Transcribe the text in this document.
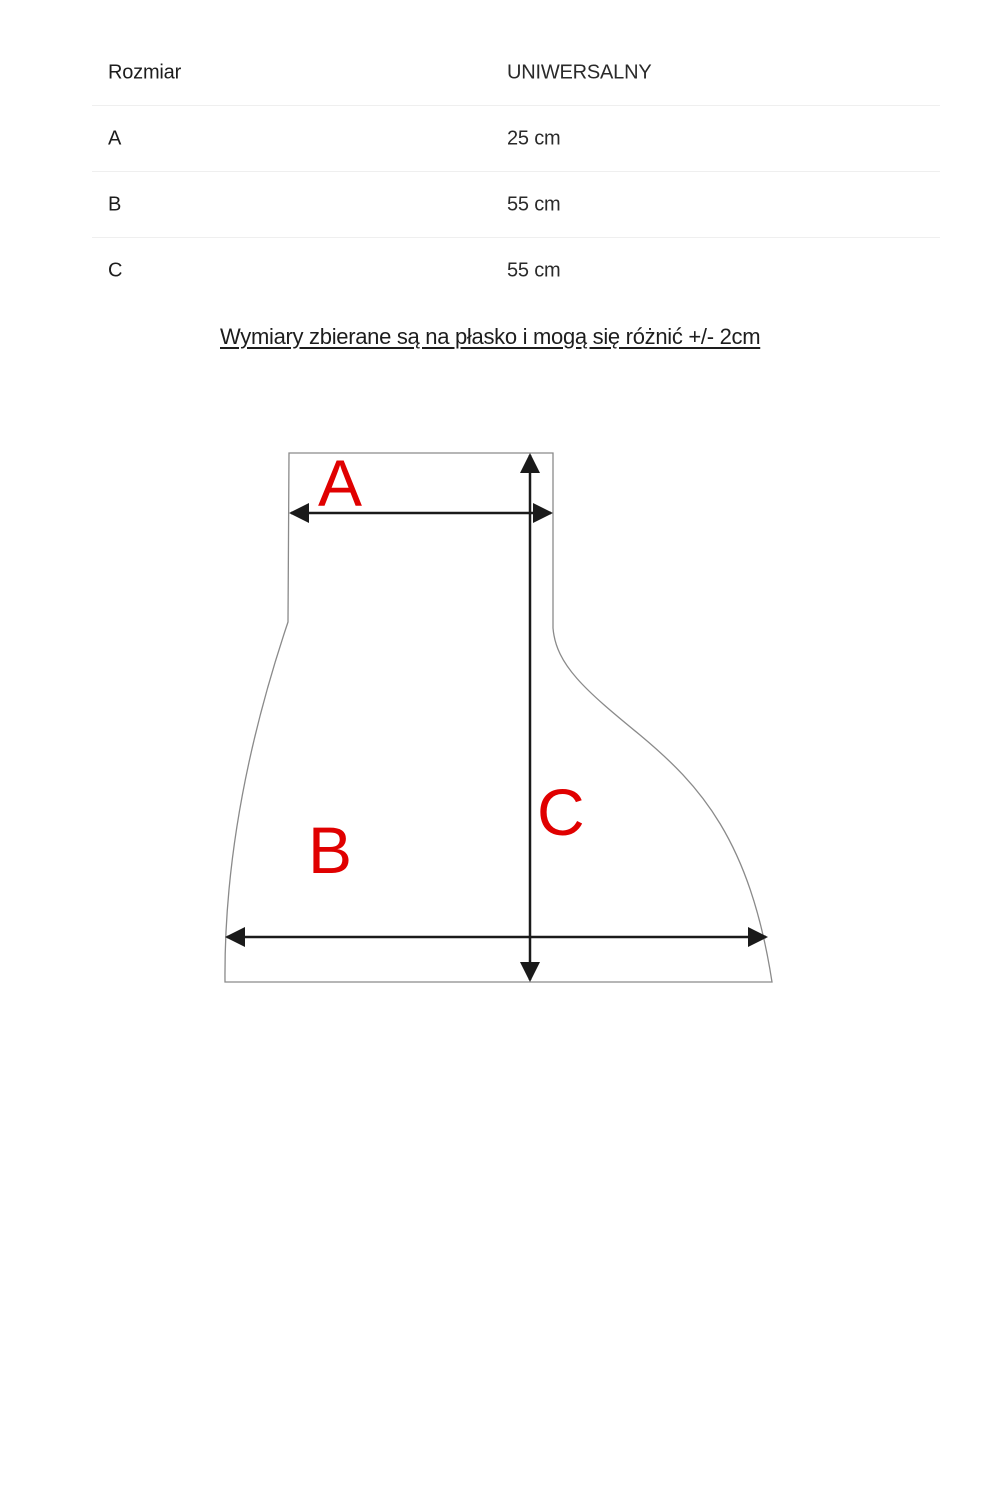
Rozmiar	UNIWERSALNY
A	25 cm
B	55 cm
C	55 cm
Wymiary zbierane są na płasko i mogą się różnić +/- 2cm
A
B
C
